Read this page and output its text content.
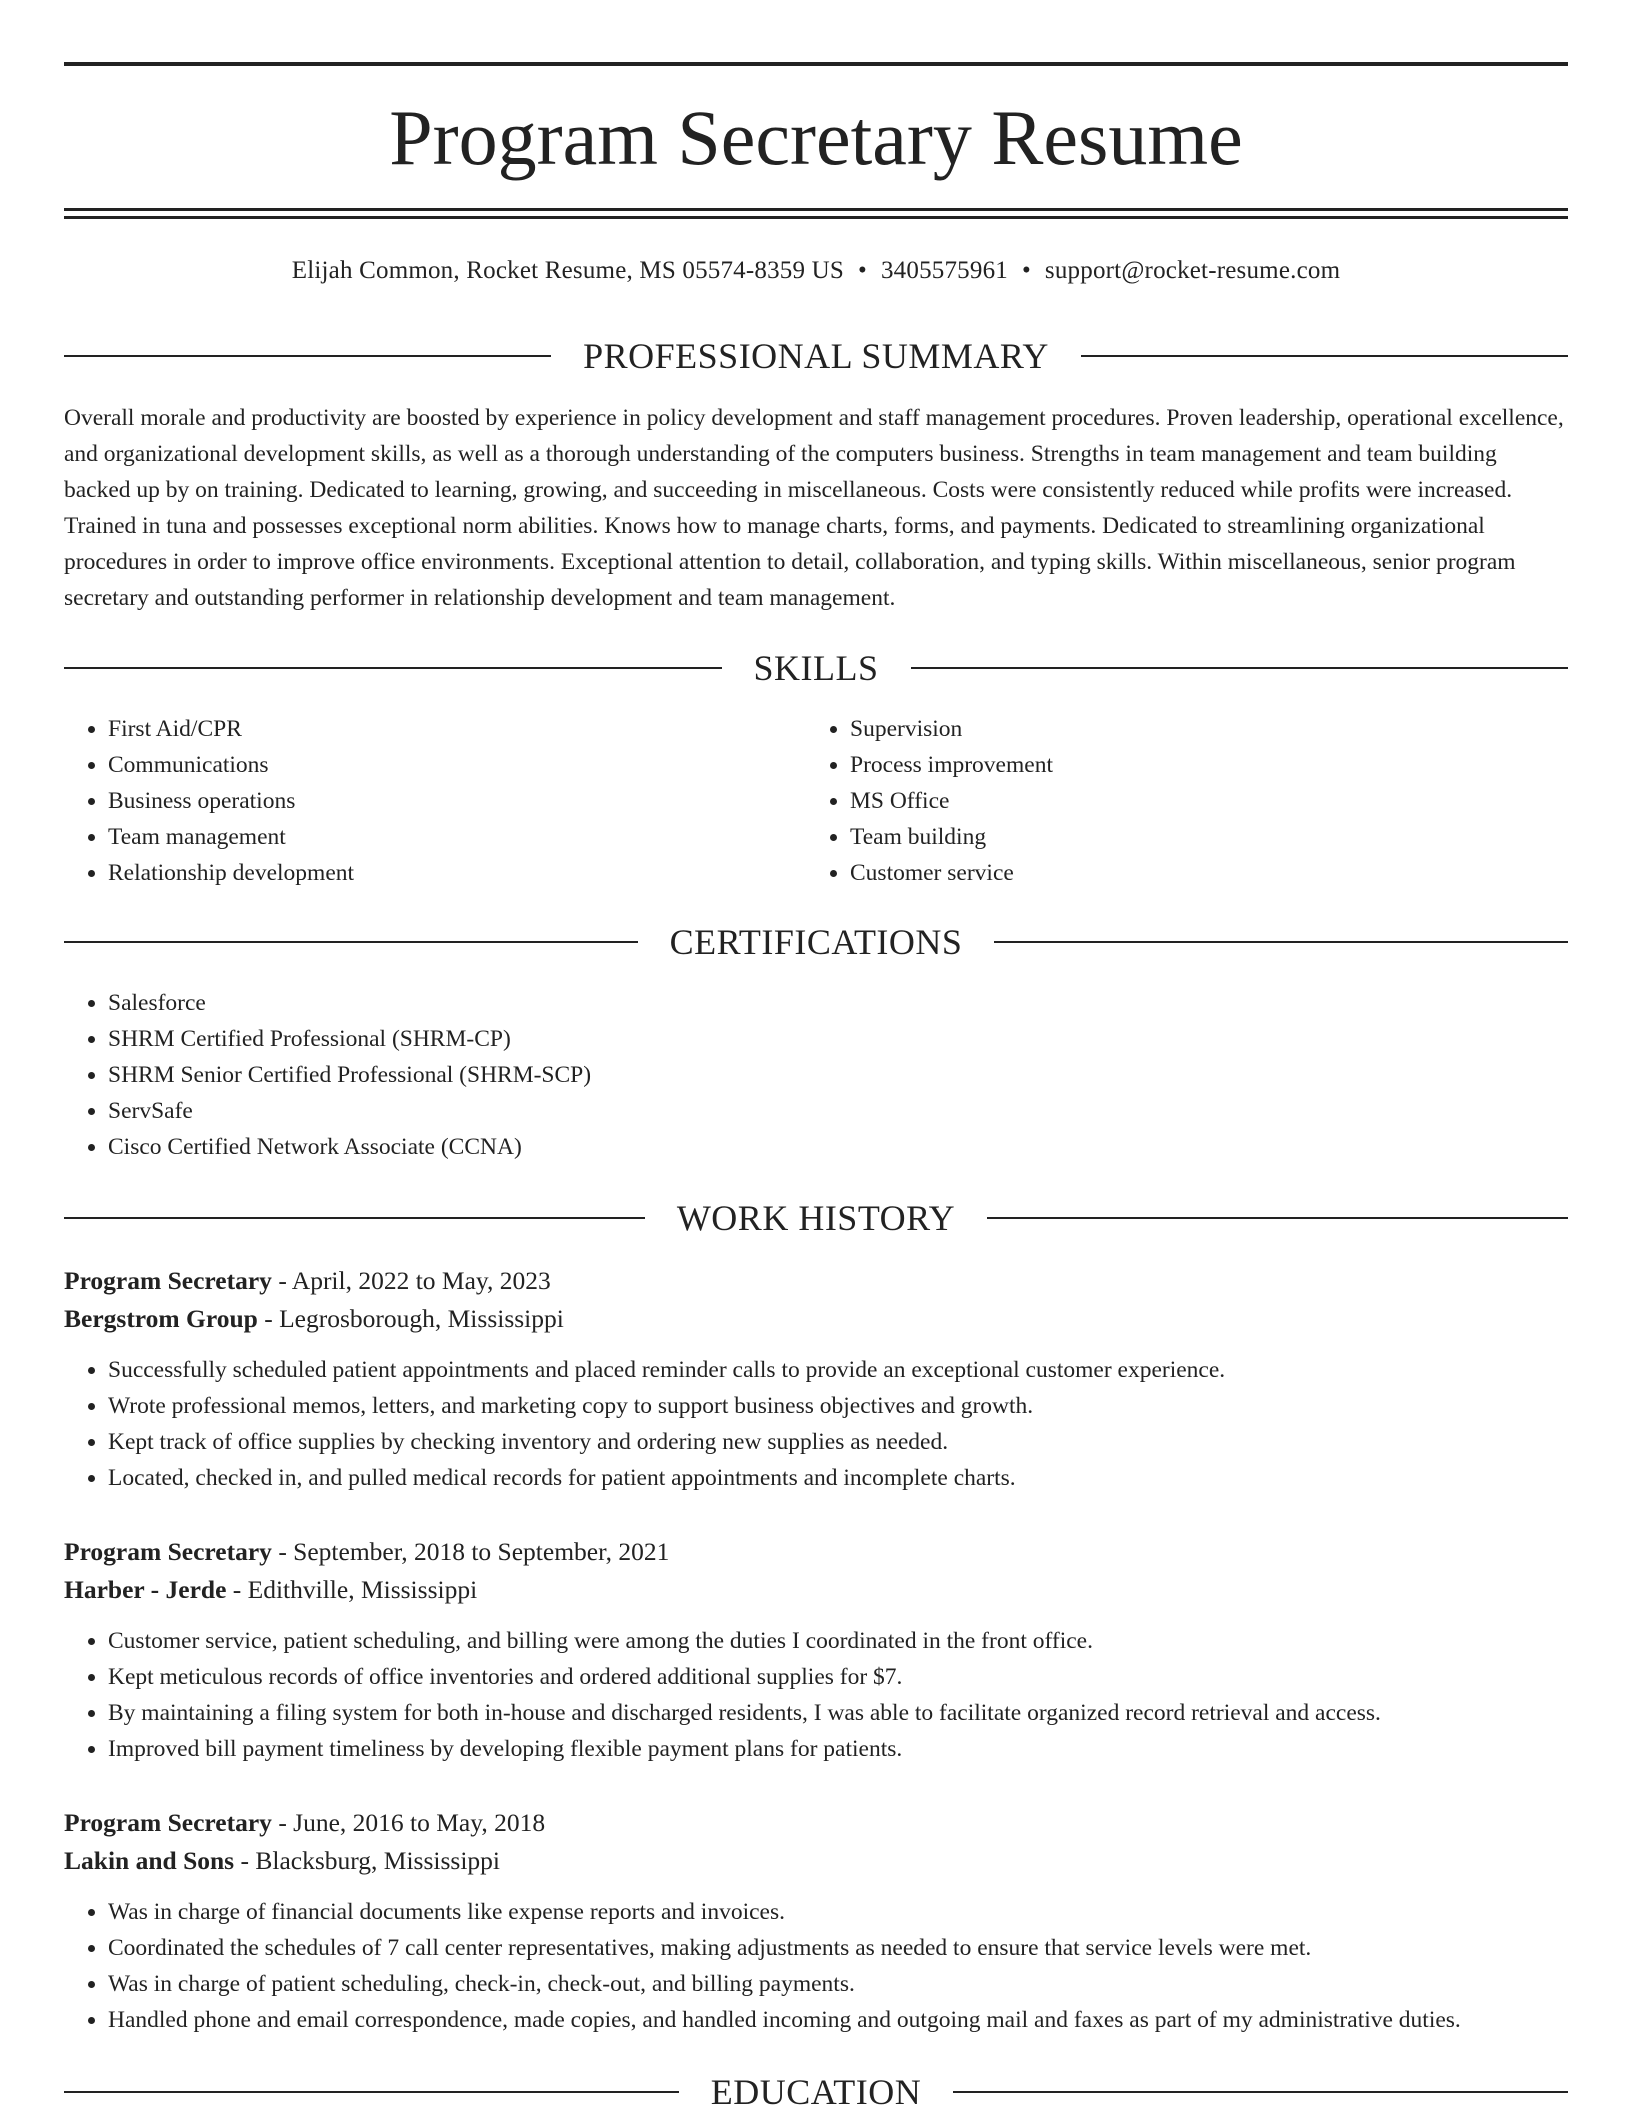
Program Secretary Resume
Elijah Common, Rocket Resume, MS 05574-8359 US • 3405575961 • support@rocket-resume.com
PROFESSIONAL SUMMARY

Overall morale and productivity are boosted by experience in policy development and staff management procedures. Proven leadership, operational excellence, and organizational development skills, as well as a thorough understanding of the computers business. Strengths in team management and team building backed up by on training. Dedicated to learning, growing, and succeeding in miscellaneous. Costs were consistently reduced while profits were increased. Trained in tuna and possesses exceptional norm abilities. Knows how to manage charts, forms, and payments. Dedicated to streamlining organizational procedures in order to improve office environments. Exceptional attention to detail, collaboration, and typing skills. Within miscellaneous, senior program secretary and outstanding performer in relationship development and team management.

SKILLS
• First Aid/CPR
• Communications
• Business operations
• Team management
• Relationship development
• Supervision
• Process improvement
• MS Office
• Team building
• Customer service
CERTIFICATIONS
• Salesforce
• SHRM Certified Professional (SHRM-CP)
• SHRM Senior Certified Professional (SHRM-SCP)
• ServSafe
• Cisco Certified Network Associate (CCNA)
WORK HISTORY
Program Secretary - April, 2022 to May, 2023
Bergstrom Group - Legrosborough, Mississippi
• Successfully scheduled patient appointments and placed reminder calls to provide an exceptional customer experience.
• Wrote professional memos, letters, and marketing copy to support business objectives and growth.
• Kept track of office supplies by checking inventory and ordering new supplies as needed.
• Located, checked in, and pulled medical records for patient appointments and incomplete charts.
Program Secretary - September, 2018 to September, 2021
Harber - Jerde - Edithville, Mississippi
• Customer service, patient scheduling, and billing were among the duties I coordinated in the front office.
• Kept meticulous records of office inventories and ordered additional supplies for $7.
• By maintaining a filing system for both in-house and discharged residents, I was able to facilitate organized record retrieval and access.
• Improved bill payment timeliness by developing flexible payment plans for patients.
Program Secretary - June, 2016 to May, 2018
Lakin and Sons - Blacksburg, Mississippi
• Was in charge of financial documents like expense reports and invoices.
• Coordinated the schedules of 7 call center representatives, making adjustments as needed to ensure that service levels were met.
• Was in charge of patient scheduling, check-in, check-out, and billing payments.
• Handled phone and email correspondence, made copies, and handled incoming and outgoing mail and faxes as part of my administrative duties.
EDUCATION
